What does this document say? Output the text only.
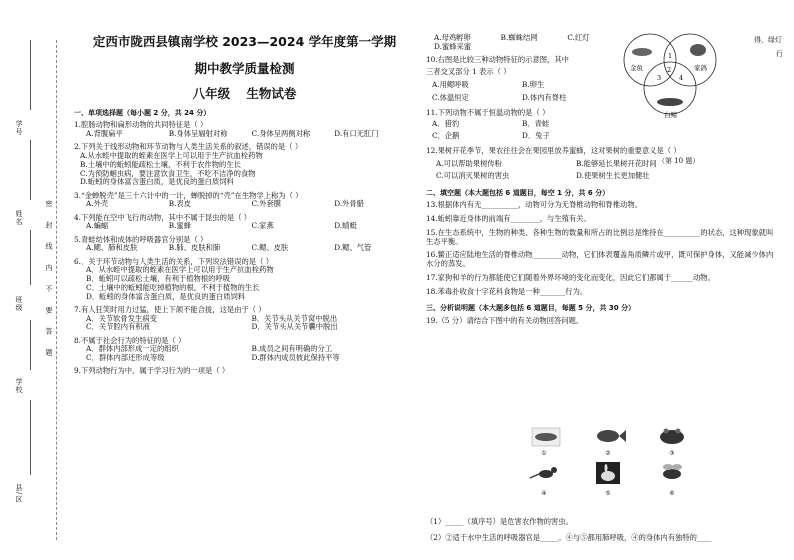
学号
姓名
班级
学校
县/区
密 封 线 内 不 要 答 题
定西市陇西县镇南学校 2023—2024 学年度第一学期
期中教学质量检测
八年级 生物试卷
一、单项选择题（每小题 2 分，共 24 分）
1.腔肠动物和扁形动物的共同特征是（ ）
A.背腹扁平	B.身体呈辐射对称	C.身体呈两侧对称	D.有口无肛门
2.下列关于线形动物和环节动物与人类生活关系的叙述，错误的是（ ）
A.从水蛭中提取的蛭素在医学上可以用于生产抗血栓药物
B.土壤中的蚯蚓能疏松土壤，不利于农作物的生长
C.为预防蛔虫病，要注意饮食卫生，不吃不洁净的食物
D.蚯蚓的身体富含蛋白质，是优良的蛋白质饲料
3.“金蝉脱壳”是三十六计中的一计，蝉脱掉的“壳”在生物学上称为（ ）
A.外壳	B.表皮	C.外套膜	D.外骨骼
4.下列能在空中飞行的动物，其中不属于昆虫的是（ ）
A.蝙蝠	B.蜜蜂	C.家燕	D.蜻蜓
5.青蛙幼体和成体的呼吸器官分别是（ ）
A.鳃、肺和皮肤	B.肺、皮肤和肺	C.鳃、皮肤	D.鳃、气管
6.．关于环节动物与人类生活的关系，下列说法错误的是（ ）
A．从水蛭中提取的蛭素在医学上可以用于生产抗血栓药物
B．蚯蚓可以疏松土壤，有利于植物根的呼吸
C．土壤中的蚯蚓能吃掉植物的根，不利于植物的生长
D．蚯蚓的身体富含蛋白质，是优良的蛋白质饲料
7.有人狂笑时用力过猛，使上下颌不能合拢，这是由于（ ）
A．关节软骨发生病变	B．关节头从关节窝中脱出
C．关节腔内有积液	D．关节头从关节囊中脱出
8.不属于社会行为的特征的是（ ）
A．群体内部形成一定的组织	B.成员之间有明确的分工
C．群体内部还形成等级	D.群体内成员彼此保持平等
9.下列动物行为中，属于学习行为的一项是（ ）
A.母鸡孵卵	B.蜘蛛结网	C.红灯
D.蜜蜂采蜜
10.右图是比较三种动物特征的示意图，其中
三者交叉部分 1 表示（ ）
A.用鳃呼吸	B.卵生
C.体温恒定	D.体内有脊柱
11.下列动物不属于恒温动物的是（ ）
A．猎豹	B．青蛙
C．企鹅	D．兔子
12.果树开花季节，果农往往会在果园里放养蜜蜂，这对果树的重要意义是（ ）
A.可以帮助果树传粉	B.能够延长果树开花时间
C.可以消灭果树的害虫	D.使果树生长更加健壮
二、填空题（本大题包括 6 道题目，每空 1 分，共 6 分）
13.根据体内有无__________，动物可分为无脊椎动物和脊椎动物。
14.蚯蚓靠近身体的前端有________，与生殖有关。
15.在生态系统中，生物的种类、各种生物的数量和所占的比例总是维持在__________的状态，这种现象就叫生态平衡。
16.鳖正适应陆地生活的脊椎动物________动物，它们体表覆盖角质鳞片或甲，既可保护身体，又能减少体内水分的蒸发。
17.家狗和羊的行为都能使它们随着外界环境的变化而变化，因此它们都属于______动物。
18.苯毒扑收食十字花科食物是一种_______行为。
三、分析说明题（本大题多包括 6 道题目，每题 5 分，共 30 分）
19.（5 分）请结合下图中的有关动物回答问题。
①	②	③
④	⑤	⑥
（1）_____（填序号）是危害农作物的害虫。
（2）②适于水中生活的呼吸器官是_____。④与⑤都用肺呼吸，④的身体内有独特的____
金鱼	家鸽
白鲸
1
2
3	4
（第 10 题）
得，绿灯
行
